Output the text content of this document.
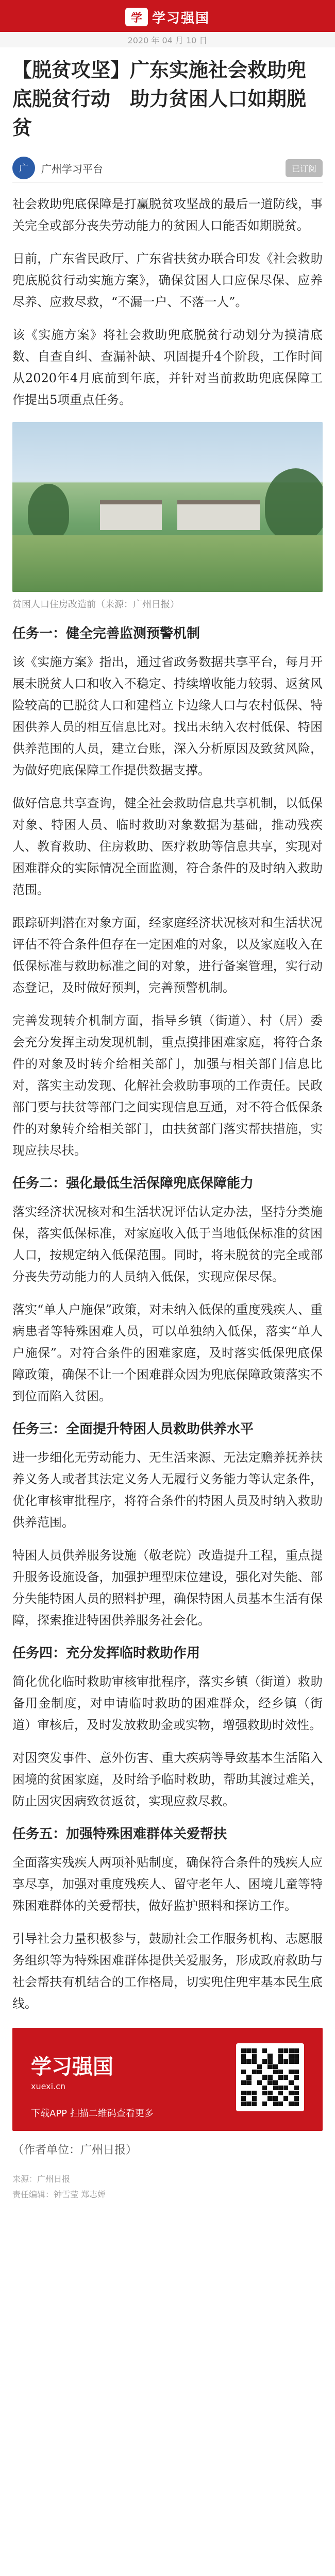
学 学习强国
2020 年 04 月 10 日
【脱贫攻坚】广东实施社会救助兜底脱贫行动　助力贫困人口如期脱贫
广	广州学习平台	已订阅

社会救助兜底保障是打赢脱贫攻坚战的最后一道防线，事关完全或部分丧失劳动能力的贫困人口能否如期脱贫。

日前，广东省民政厅、广东省扶贫办联合印发《社会救助兜底脱贫行动实施方案》，确保贫困人口应保尽保、应养尽养、应救尽救，“不漏一户、不落一人”。

该《实施方案》将社会救助兜底脱贫行动划分为摸清底数、自查自纠、查漏补缺、巩固提升4个阶段，工作时间从2020年4月底前到年底，并针对当前救助兜底保障工作提出5项重点任务。

贫困人口住房改造前（来源：广州日报）
任务一：健全完善监测预警机制

该《实施方案》指出，通过省政务数据共享平台，每月开展未脱贫人口和收入不稳定、持续增收能力较弱、返贫风险较高的已脱贫人口和建档立卡边缘人口与农村低保、特困供养人员的相互信息比对。找出未纳入农村低保、特困供养范围的人员，建立台账，深入分析原因及致贫风险，为做好兜底保障工作提供数据支撑。

做好信息共享查询，健全社会救助信息共享机制，以低保对象、特困人员、临时救助对象数据为基础，推动残疾人、教育救助、住房救助、医疗救助等信息共享，实现对困难群众的实际情况全面监测，符合条件的及时纳入救助范围。

跟踪研判潜在对象方面，经家庭经济状况核对和生活状况评估不符合条件但存在一定困难的对象，以及家庭收入在低保标准与救助标准之间的对象，进行备案管理，实行动态登记，及时做好预判，完善预警机制。

完善发现转介机制方面，指导乡镇（街道）、村（居）委会充分发挥主动发现机制，重点摸排困难家庭，将符合条件的对象及时转介给相关部门，加强与相关部门信息比对，落实主动发现、化解社会救助事项的工作责任。民政部门要与扶贫等部门之间实现信息互通，对不符合低保条件的对象转介给相关部门，由扶贫部门落实帮扶措施，实现应扶尽扶。

任务二：强化最低生活保障兜底保障能力

落实经济状况核对和生活状况评估认定办法，坚持分类施保，落实低保标准，对家庭收入低于当地低保标准的贫困人口，按规定纳入低保范围。同时，将未脱贫的完全或部分丧失劳动能力的人员纳入低保，实现应保尽保。

落实“单人户施保”政策，对未纳入低保的重度残疾人、重病患者等特殊困难人员，可以单独纳入低保，落实“单人户施保”。对符合条件的困难家庭，及时落实低保兜底保障政策，确保不让一个困难群众因为兜底保障政策落实不到位而陷入贫困。

任务三：全面提升特困人员救助供养水平

进一步细化无劳动能力、无生活来源、无法定赡养抚养扶养义务人或者其法定义务人无履行义务能力等认定条件，优化审核审批程序，将符合条件的特困人员及时纳入救助供养范围。

特困人员供养服务设施（敬老院）改造提升工程，重点提升服务设施设备，加强护理型床位建设，强化对失能、部分失能特困人员的照料护理，确保特困人员基本生活有保障，探索推进特困供养服务社会化。

任务四：充分发挥临时救助作用

简化优化临时救助审核审批程序，落实乡镇（街道）救助备用金制度，对申请临时救助的困难群众，经乡镇（街道）审核后，及时发放救助金或实物，增强救助时效性。

对因突发事件、意外伤害、重大疾病等导致基本生活陷入困境的贫困家庭，及时给予临时救助，帮助其渡过难关，防止因灾因病致贫返贫，实现应救尽救。

任务五：加强特殊困难群体关爱帮扶

全面落实残疾人两项补贴制度，确保符合条件的残疾人应享尽享，加强对重度残疾人、留守老年人、困境儿童等特殊困难群体的关爱帮扶，做好监护照料和探访工作。

引导社会力量积极参与，鼓励社会工作服务机构、志愿服务组织等为特殊困难群体提供关爱服务，形成政府救助与社会帮扶有机结合的工作格局，切实兜住兜牢基本民生底线。

学习强国
xuexi.cn
下载APP 扫描二维码查看更多
（作者单位：广州日报）
来源：广州日报
责任编辑：钟雪莹 郑志婵
